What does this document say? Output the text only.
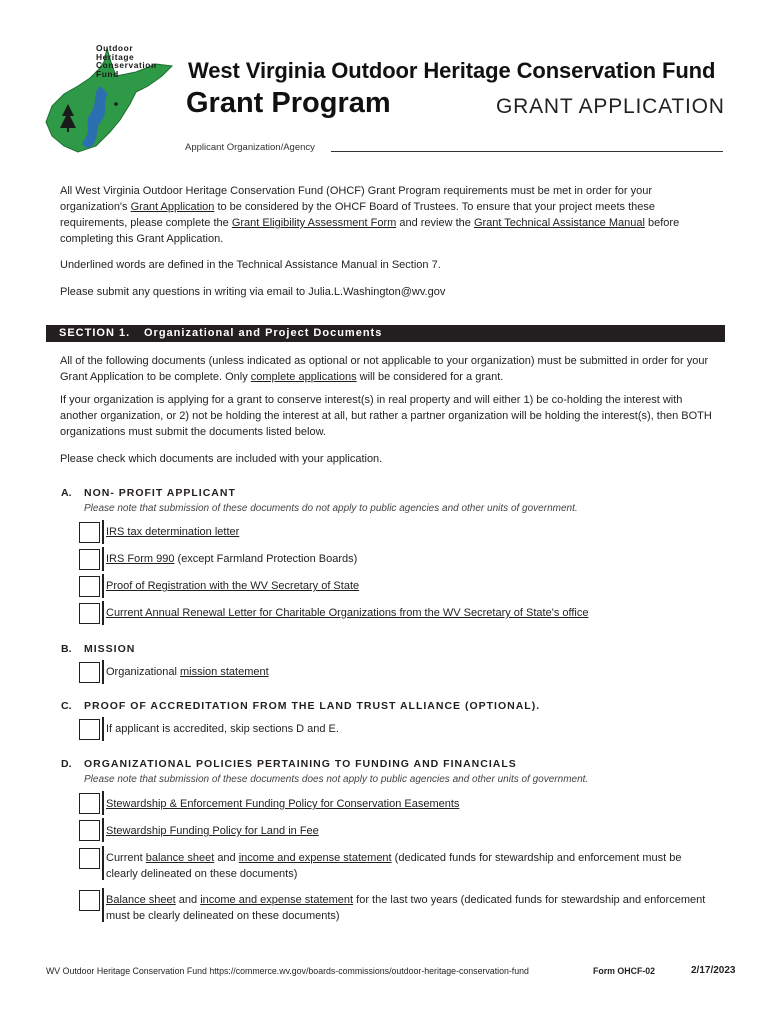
Outdoor
Heritage
Conservation
Fund	West Virginia Outdoor Heritage Conservation Fund
Grant Program	GRANT APPLICATION
Applicant Organization/Agency
All West Virginia Outdoor Heritage Conservation Fund (OHCF) Grant Program requirements must be met in order for your organization's Grant Application to be considered by the OHCF Board of Trustees. To ensure that your project meets these requirements, please complete the Grant Eligibility Assessment Form and review the Grant Technical Assistance Manual before completing this Grant Application.
Underlined words are defined in the Technical Assistance Manual in Section 7.
Please submit any questions in writing via email to Julia.L.Washington@wv.gov
SECTION 1. Organizational and Project Documents
All of the following documents (unless indicated as optional or not applicable to your organization) must be submitted in order for your Grant Application to be complete. Only complete applications will be considered for a grant.
If your organization is applying for a grant to conserve interest(s) in real property and will either 1) be co-holding the interest with another organization, or 2) not be holding the interest at all, but rather a partner organization will be holding the interest(s), then BOTH organizations must submit the documents listed below.
Please check which documents are included with your application.
A. NON- PROFIT APPLICANT
Please note that submission of these documents do not apply to public agencies and other units of government.
IRS tax determination letter
IRS Form 990 (except Farmland Protection Boards)
Proof of Registration with the WV Secretary of State
Current Annual Renewal Letter for Charitable Organizations from the WV Secretary of State's office
B. MISSION
Organizational mission statement
C. PROOF OF ACCREDITATION FROM THE LAND TRUST ALLIANCE (OPTIONAL).
If applicant is accredited, skip sections D and E.
D. ORGANIZATIONAL POLICIES PERTAINING TO FUNDING AND FINANCIALS
Please note that submission of these documents does not apply to public agencies and other units of government.
Stewardship & Enforcement Funding Policy for Conservation Easements
Stewardship Funding Policy for Land in Fee
Current balance sheet and income and expense statement (dedicated funds for stewardship and enforcement must be clearly delineated on these documents)
Balance sheet and income and expense statement for the last two years (dedicated funds for stewardship and enforcement must be clearly delineated on these documents)
WV Outdoor Heritage Conservation Fund https://commerce.wv.gov/boards-commissions/outdoor-heritage-conservation-fund	Form OHCF-02	2/17/2023
